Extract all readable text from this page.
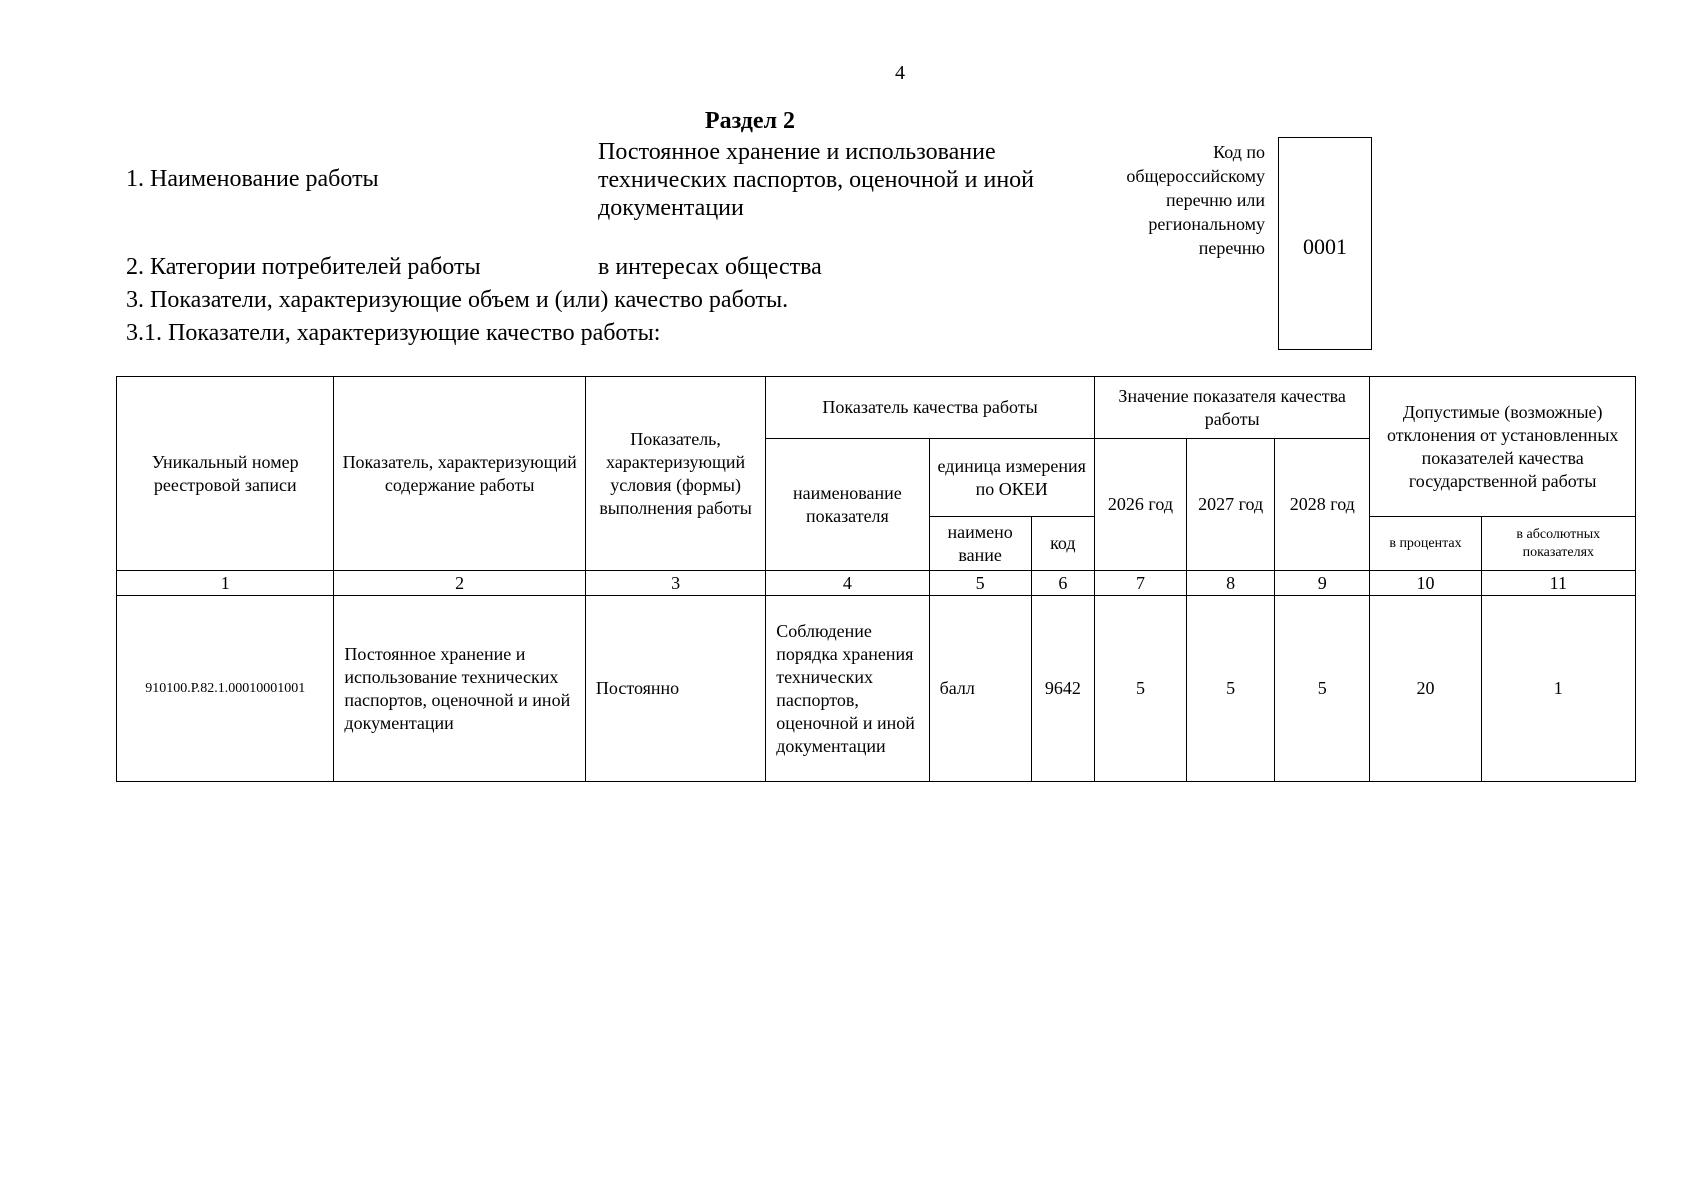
4
Раздел 2
1. Наименование работы
Постоянное хранение и использование технических паспортов, оценочной и иной документации
2. Категории потребителей работы	в интересах общества
3. Показатели, характеризующие объем и (или) качество работы.
3.1. Показатели, характеризующие качество работы:
Код по общероссийскому перечню или региональному перечню	0001
Уникальный номер реестровой записи	Показатель, характеризующий содержание работы	Показатель, характеризующий условия (формы) выполнения работы	Показатель качества работы			Значение показателя качества работы			Допустимые (возможные) отклонения от установленных показателей качества государственной работы	
			наименование показателя	единица измерения по ОКЕИ		2026 год	2027 год	2028 год		
				наимено вание	код				в процентах	в абсолютных показателях
1	2	3	4	5	6	7	8	9	10	11
910100.Р.82.1.00010001001	Постоянное хранение и использование технических паспортов, оценочной и иной документации	Постоянно	Соблюдение порядка хранения технических паспортов, оценочной и иной документации	балл	9642	5	5	5	20	1
